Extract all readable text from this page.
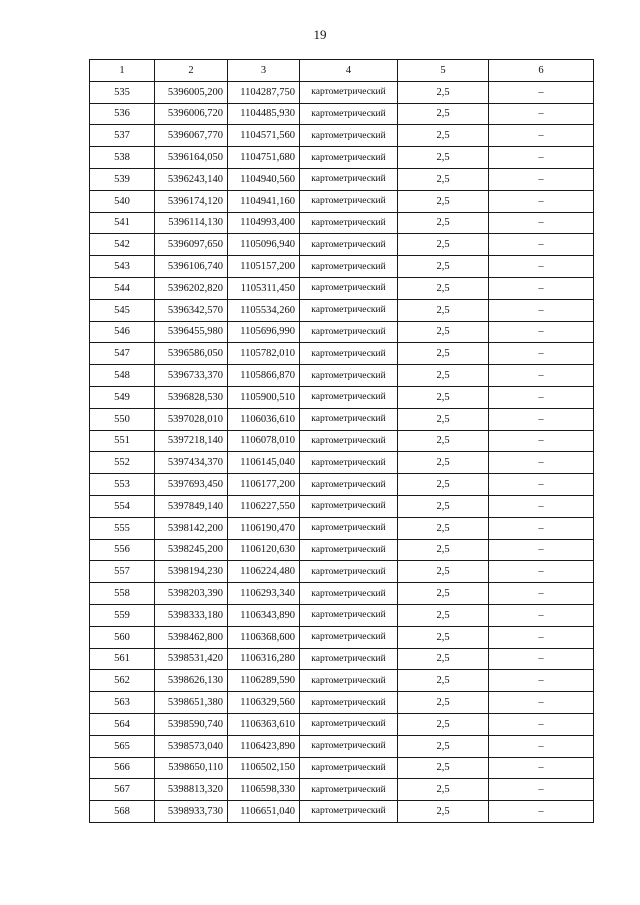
19
1	2	3	4	5	6
535	5396005,200	1104287,750	картометрический	2,5	–
536	5396006,720	1104485,930	картометрический	2,5	–
537	5396067,770	1104571,560	картометрический	2,5	–
538	5396164,050	1104751,680	картометрический	2,5	–
539	5396243,140	1104940,560	картометрический	2,5	–
540	5396174,120	1104941,160	картометрический	2,5	–
541	5396114,130	1104993,400	картометрический	2,5	–
542	5396097,650	1105096,940	картометрический	2,5	–
543	5396106,740	1105157,200	картометрический	2,5	–
544	5396202,820	1105311,450	картометрический	2,5	–
545	5396342,570	1105534,260	картометрический	2,5	–
546	5396455,980	1105696,990	картометрический	2,5	–
547	5396586,050	1105782,010	картометрический	2,5	–
548	5396733,370	1105866,870	картометрический	2,5	–
549	5396828,530	1105900,510	картометрический	2,5	–
550	5397028,010	1106036,610	картометрический	2,5	–
551	5397218,140	1106078,010	картометрический	2,5	–
552	5397434,370	1106145,040	картометрический	2,5	–
553	5397693,450	1106177,200	картометрический	2,5	–
554	5397849,140	1106227,550	картометрический	2,5	–
555	5398142,200	1106190,470	картометрический	2,5	–
556	5398245,200	1106120,630	картометрический	2,5	–
557	5398194,230	1106224,480	картометрический	2,5	–
558	5398203,390	1106293,340	картометрический	2,5	–
559	5398333,180	1106343,890	картометрический	2,5	–
560	5398462,800	1106368,600	картометрический	2,5	–
561	5398531,420	1106316,280	картометрический	2,5	–
562	5398626,130	1106289,590	картометрический	2,5	–
563	5398651,380	1106329,560	картометрический	2,5	–
564	5398590,740	1106363,610	картометрический	2,5	–
565	5398573,040	1106423,890	картометрический	2,5	–
566	5398650,110	1106502,150	картометрический	2,5	–
567	5398813,320	1106598,330	картометрический	2,5	–
568	5398933,730	1106651,040	картометрический	2,5	–
